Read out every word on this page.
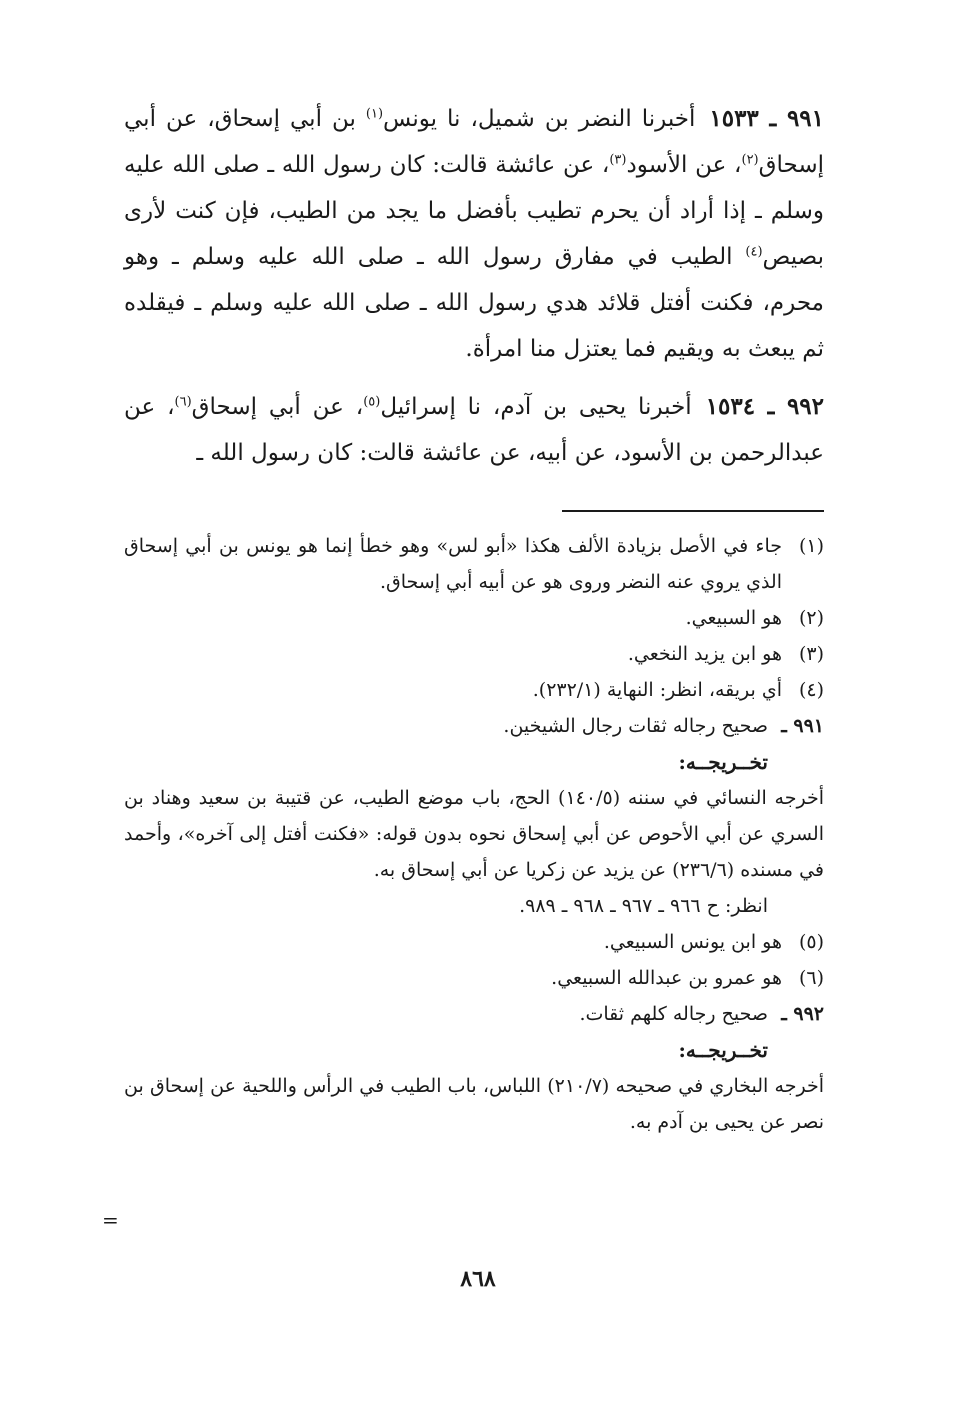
٩٩١ ـ ١٥٣٣أخبرنا النضر بن شميل، نا يونس$^{(١)}$ بن أبي إسحاق، عن أبي إسحاق$^{(٢)}$، عن الأسود$^{(٣)}$، عن عائشة قالت: كان رسول الله ـ صلى الله عليه وسلم ـ إذا أراد أن يحرم تطيب بأفضل ما يجد من الطيب، فإن كنت لأرى بصيص$^{(٤)}$ الطيب في مفارق رسول الله ـ صلى الله عليه وسلم ـ وهو محرم، فكنت أفتل قلائد هدي رسول الله ـ صلى الله عليه وسلم ـ فيقلده ثم يبعث به ويقيم فما يعتزل منا امرأة.

٩٩٢ ـ ١٥٣٤أخبرنا يحيى بن آدم، نا إسرائيل$^{(٥)}$، عن أبي إسحاق$^{(٦)}$، عن عبدالرحمن بن الأسود، عن أبيه، عن عائشة قالت: كان رسول الله ـ

(١)
جاء في الأصل بزيادة الألف هكذا «أبو لس» وهو خطأ إنما هو يونس بن أبي إسحاق الذي يروي عنه النضر وروى هو عن أبيه أبي إسحاق.
(٢)
هو السبيعي.
(٣)
هو ابن يزيد النخعي.
(٤)
أي بريقه، انظر: النهاية (٢٣٢/١).
٩٩١ ـ
صحيح رجاله ثقات رجال الشيخين.
تخــريجــه:
أخرجه النسائي في سننه (١٤٠/٥) الحج، باب موضع الطيب، عن قتيبة بن سعيد وهناد بن السري عن أبي الأحوص عن أبي إسحاق نحوه بدون قوله: «فكنت أفتل إلى آخره»، وأحمد في مسنده (٢٣٦/٦) عن يزيد عن زكريا عن أبي إسحاق به.
انظر: ح ٩٦٦ ـ ٩٦٧ ـ ٩٦٨ ـ ٩٨٩.
(٥)
هو ابن يونس السبيعي.
(٦)
هو عمرو بن عبدالله السبيعي.
٩٩٢ ـ
صحيح رجاله كلهم ثقات.
تخــريجــه:
أخرجه البخاري في صحيحه (٢١٠/٧) اللباس، باب الطيب في الرأس واللحية عن إسحاق بن نصر عن يحيى بن آدم به.
=
٨٦٨
